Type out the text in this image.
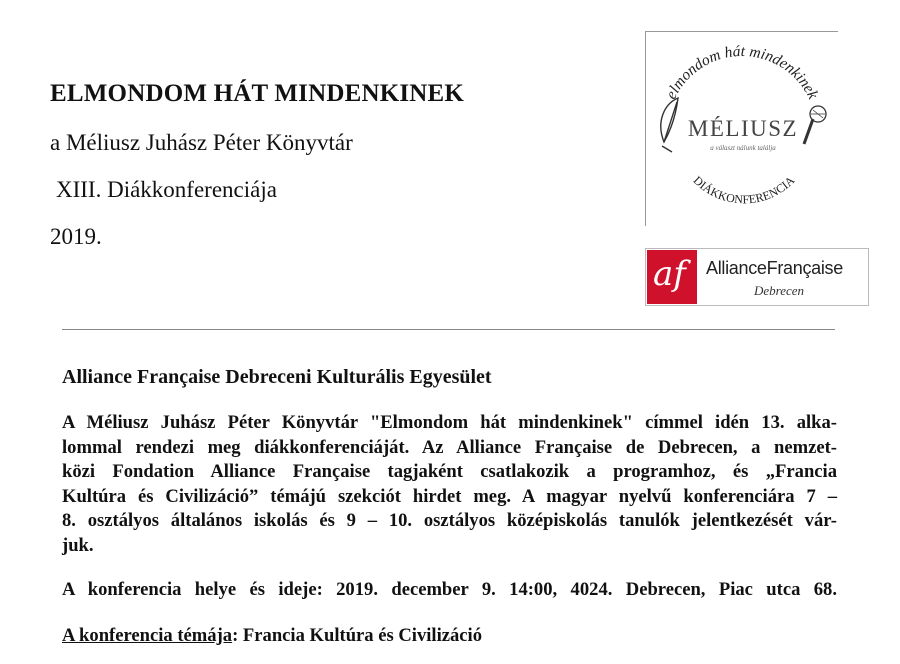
ELMONDOM HÁT MINDENKINEK
a Méliusz Juhász Péter Könyvtár
XIII. Diákkonferenciája
2019.
elmondom hát mindenkinek
MÉLIUSZ
a választ nálunk találja
DIÁKKONFERENCIA
af AllianceFrançaise
Debrecen
Alliance Française Debreceni Kulturális Egyesület
A Méliusz Juhász Péter Könyvtár "Elmondom hát mindenkinek" címmel idén 13. alka-
lommal rendezi meg diákkonferenciáját. Az Alliance Française de Debrecen, a nemzet-
közi Fondation Alliance Française tagjaként csatlakozik a programhoz, és „Francia
Kultúra és Civilizáció” témájú szekciót hirdet meg. A magyar nyelvű konferenciára 7 –
8. osztályos általános iskolás és 9 – 10. osztályos középiskolás tanulók jelentkezését vár-
juk.
A konferencia helye és ideje: 2019. december 9. 14:00, 4024. Debrecen, Piac utca 68.
A konferencia témája: Francia Kultúra és Civilizáció
